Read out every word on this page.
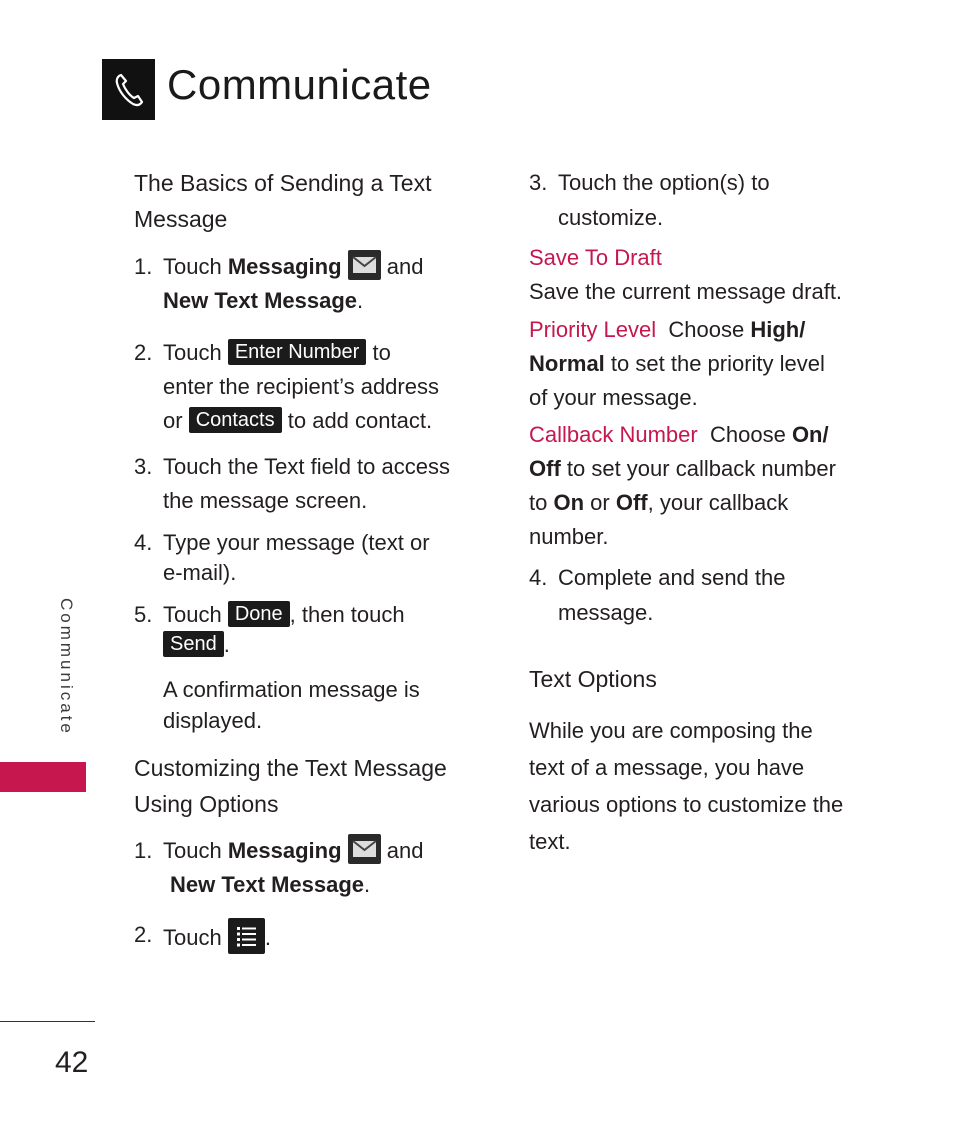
Communicate
Communicate

The Basics of Sending a Text
Message

1. Touch Messaging and
New Text Message.
2. Touch Enter Number to
enter the recipient’s address
or Contacts to add contact.
3. Touch the Text field to access
the message screen.
4. Type your message (text or
e-mail).
5. Touch Done , then touch
Send .

A confirmation message is
displayed.

Customizing the Text Message
Using Options

1. Touch Messaging and
New Text Message.
2. Touch .
3. Touch the option(s) to
customize.

Save To Draft
Save the current message draft.

Priority Level Choose High/
Normal to set the priority level
of your message.

Callback Number Choose On/
Off to set your callback number
to On or Off, your callback
number.

4. Complete and send the
message.

Text Options

While you are composing the
text of a message, you have
various options to customize the
text.

42
